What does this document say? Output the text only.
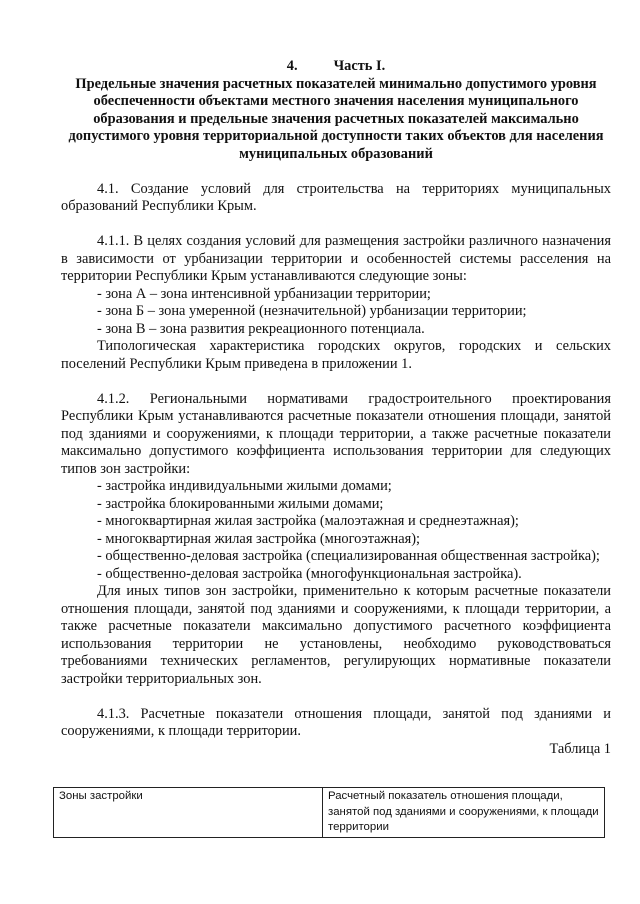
4.	Часть I.
Предельные значения расчетных показателей минимально допустимого уровня обеспеченности объектами местного значения населения муниципального образования и предельные значения расчетных показателей максимально допустимого уровня территориальной доступности таких объектов для населения муниципальных образований

4.1. Создание условий для строительства на территориях муниципальных образований Республики Крым.

4.1.1. В целях создания условий для размещения застройки различного назначения в зависимости от урбанизации территории и особенностей системы расселения на территории Республики Крым устанавливаются следующие зоны:

- зона А – зона интенсивной урбанизации территории;

- зона Б – зона умеренной (незначительной) урбанизации территории;

- зона В – зона развития рекреационного потенциала.

Типологическая характеристика городских округов, городских и сельских поселений Республики Крым приведена в приложении 1.

4.1.2. Региональными нормативами градостроительного проектирования Республики Крым устанавливаются расчетные показатели отношения площади, занятой под зданиями и сооружениями, к площади территории, а также расчетные показатели максимально допустимого коэффициента использования территории для следующих типов зон застройки:

- застройка индивидуальными жилыми домами;

- застройка блокированными жилыми домами;

- многоквартирная жилая застройка (малоэтажная и среднеэтажная);

- многоквартирная жилая застройка (многоэтажная);

- общественно-деловая застройка (специализированная общественная застройка);

- общественно-деловая застройка (многофункциональная застройка).

Для иных типов зон застройки, применительно к которым расчетные показатели отношения площади, занятой под зданиями и сооружениями, к площади территории, а также расчетные показатели максимально допустимого расчетного коэффициента использования территории не установлены, необходимо руководствоваться требованиями технических регламентов, регулирующих нормативные показатели застройки территориальных зон.

4.1.3. Расчетные показатели отношения площади, занятой под зданиями и сооружениями, к площади территории.

Таблица 1

Зоны застройки	Расчетный показатель отношения площади, занятой под зданиями и сооружениями, к площади территории
